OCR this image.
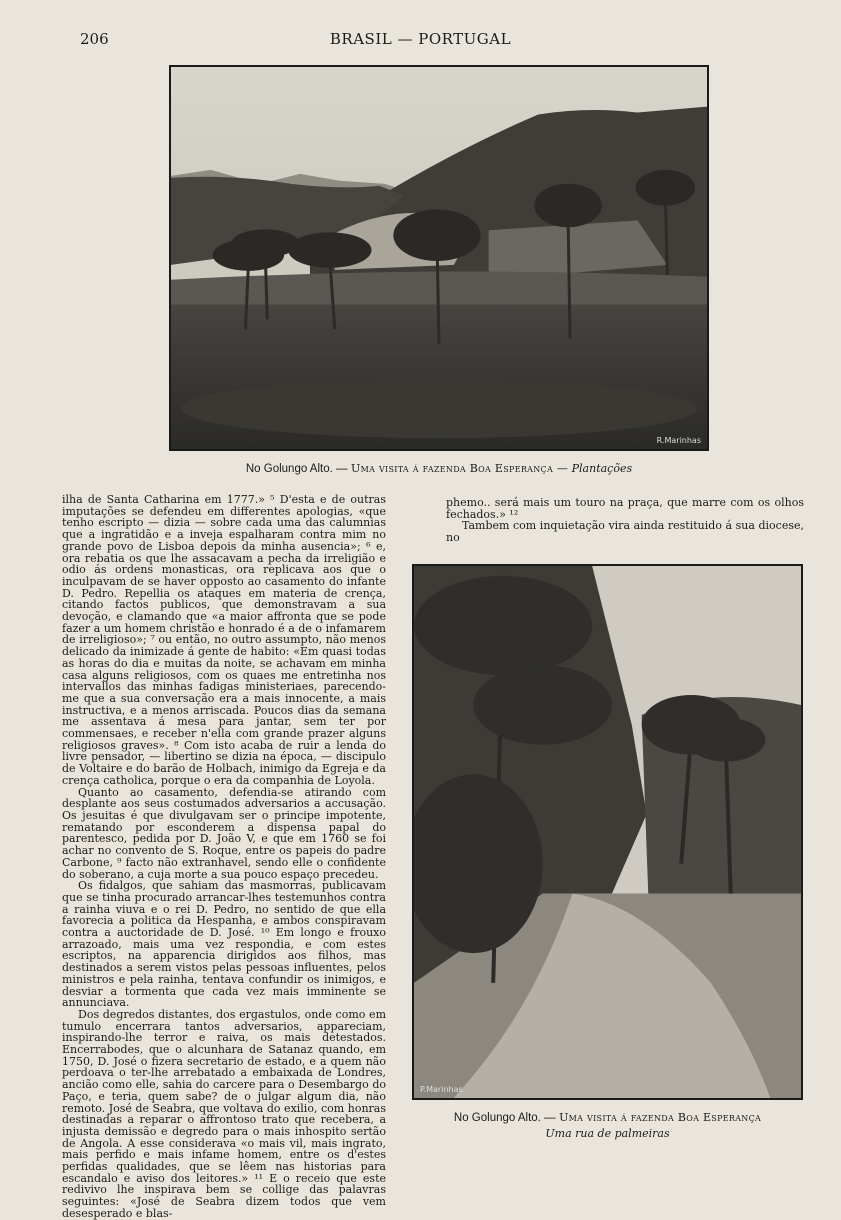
206	BRASIL — PORTUGAL
R.Marinhas
No Golungo Alto. — Uma visita á fazenda Boa Esperança — Plantações

ilha de Santa Catharina em 1777.» ⁵ D'esta e de outras imputações se defendeu em differentes apologias, «que tenho escripto — dizia — sobre cada uma das calumnias que a ingratidão e a inveja espalharam contra mim no grande povo de Lisboa depois da minha ausencia»; ⁶ e, ora rebatia os que lhe assacavam a pecha da irreligião e odio ás ordens monasticas, ora replicava aos que o inculpavam de se haver opposto ao casamento do infante D. Pedro. Repellia os ataques em materia de crença, citando factos publicos, que demonstravam a sua devoção, e clamando que «a maior affronta que se pode fazer a um homem christão e honrado é a de o infamarem de irreligioso»; ⁷ ou então, no outro assumpto, não menos delicado da inimizade á gente de habito: «Em quasi todas as horas do dia e muitas da noite, se achavam em minha casa alguns religiosos, com os quaes me entretinha nos intervallos das minhas fadigas ministeriaes, parecendo-me que a sua conversação era a mais innocente, a mais instructiva, e a menos arriscada. Poucos dias da semana me assentava á mesa para jantar, sem ter por commensaes, e receber n'ella com grande prazer alguns religiosos graves». ⁸ Com isto acaba de ruir a lenda do livre pensador, — libertino se dizia na época, — discipulo de Voltaire e do barão de Holbach, inimigo da Egreja e da crença catholica, porque o era da companhia de Loyola.

Quanto ao casamento, defendia-se atirando com desplante aos seus costumados adversarios a accusação. Os jesuitas é que divulgavam ser o principe impotente, rematando por esconderem a dispensa papal do parentesco, pedida por D. João V, e que em 1760 se foi achar no convento de S. Roque, entre os papeis do padre Carbone, ⁹ facto não extranhavel, sendo elle o confidente do soberano, a cuja morte a sua pouco espaço precedeu.

Os fidalgos, que sahiam das masmorras, publicavam que se tinha procurado arrancar-lhes testemunhos contra a rainha viuva e o rei D. Pedro, no sentido de que ella favorecia a politica da Hespanha, e ambos conspiravam contra a auctoridade de D. José. ¹⁰ Em longo e frouxo arrazoado, mais uma vez respondia, e com estes escriptos, na apparencia dirigidos aos filhos, mas destinados a serem vistos pelas pessoas influentes, pelos ministros e pela rainha, tentava confundir os inimigos, e desviar a tormenta que cada vez mais imminente se annunciava.

Dos degredos distantes, dos ergastulos, onde como em tumulo encerrara tantos adversarios, appareciam, inspirando-lhe terror e raiva, os mais detestados. Encerrabodes, que o alcunhara de Satanaz quando, em 1750, D. José o fizera secretario de estado, e a quem não perdoava o ter-lhe arrebatado a embaixada de Londres, ancião como elle, sahia do carcere para o Desembargo do Paço, e teria, quem sabe? de o julgar algum dia, não remoto. José de Seabra, que voltava do exilio, com honras destinadas a reparar o affrontoso trato que recebera, a injusta demissão e degredo para o mais inhospito sertão de Angola. A esse considerava «o mais vil, mais ingrato, mais perfido e mais infame homem, entre os d'estes perfidas qualidades, que se lêem nas historias para escandalo e aviso dos leitores.» ¹¹ E o receio que este redivivo lhe inspirava bem se colligе das palavras seguintes: «José de Seabra dizem todos que vem desesperado e blas-

phemo.. será mais um touro na praça, que marre com os olhos fechados.» ¹²

Tambem com inquietação vira ainda restituido á sua diocese, no

P.Marinhas
No Golungo Alto. — Uma visita á fazenda Boa Esperança
Uma rua de palmeiras
